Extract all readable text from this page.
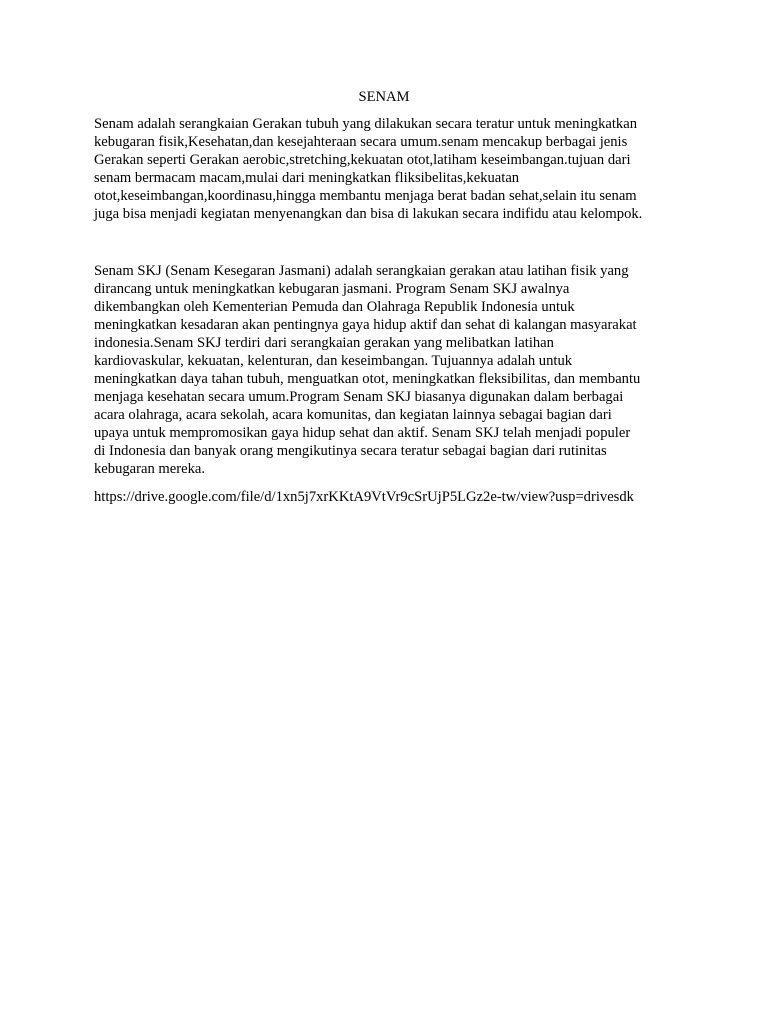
SENAM
Senam adalah serangkaian Gerakan tubuh yang dilakukan secara teratur untuk meningkatkan
kebugaran fisik,Kesehatan,dan kesejahteraan secara umum.senam mencakup berbagai jenis
Gerakan seperti Gerakan aerobic,stretching,kekuatan otot,latiham keseimbangan.tujuan dari
senam bermacam macam,mulai dari meningkatkan fliksibelitas,kekuatan
otot,keseimbangan,koordinasu,hingga membantu menjaga berat badan sehat,selain itu senam
juga bisa menjadi kegiatan menyenangkan dan bisa di lakukan secara indifidu atau kelompok.
Senam SKJ (Senam Kesegaran Jasmani) adalah serangkaian gerakan atau latihan fisik yang
dirancang untuk meningkatkan kebugaran jasmani. Program Senam SKJ awalnya
dikembangkan oleh Kementerian Pemuda dan Olahraga Republik Indonesia untuk
meningkatkan kesadaran akan pentingnya gaya hidup aktif dan sehat di kalangan masyarakat
indonesia.Senam SKJ terdiri dari serangkaian gerakan yang melibatkan latihan
kardiovaskular, kekuatan, kelenturan, dan keseimbangan. Tujuannya adalah untuk
meningkatkan daya tahan tubuh, menguatkan otot, meningkatkan fleksibilitas, dan membantu
menjaga kesehatan secara umum.Program Senam SKJ biasanya digunakan dalam berbagai
acara olahraga, acara sekolah, acara komunitas, dan kegiatan lainnya sebagai bagian dari
upaya untuk mempromosikan gaya hidup sehat dan aktif. Senam SKJ telah menjadi populer
di Indonesia dan banyak orang mengikutinya secara teratur sebagai bagian dari rutinitas
kebugaran mereka.
https://drive.google.com/file/d/1xn5j7xrKKtA9VtVr9cSrUjP5LGz2e-tw/view?usp=drivesdk
